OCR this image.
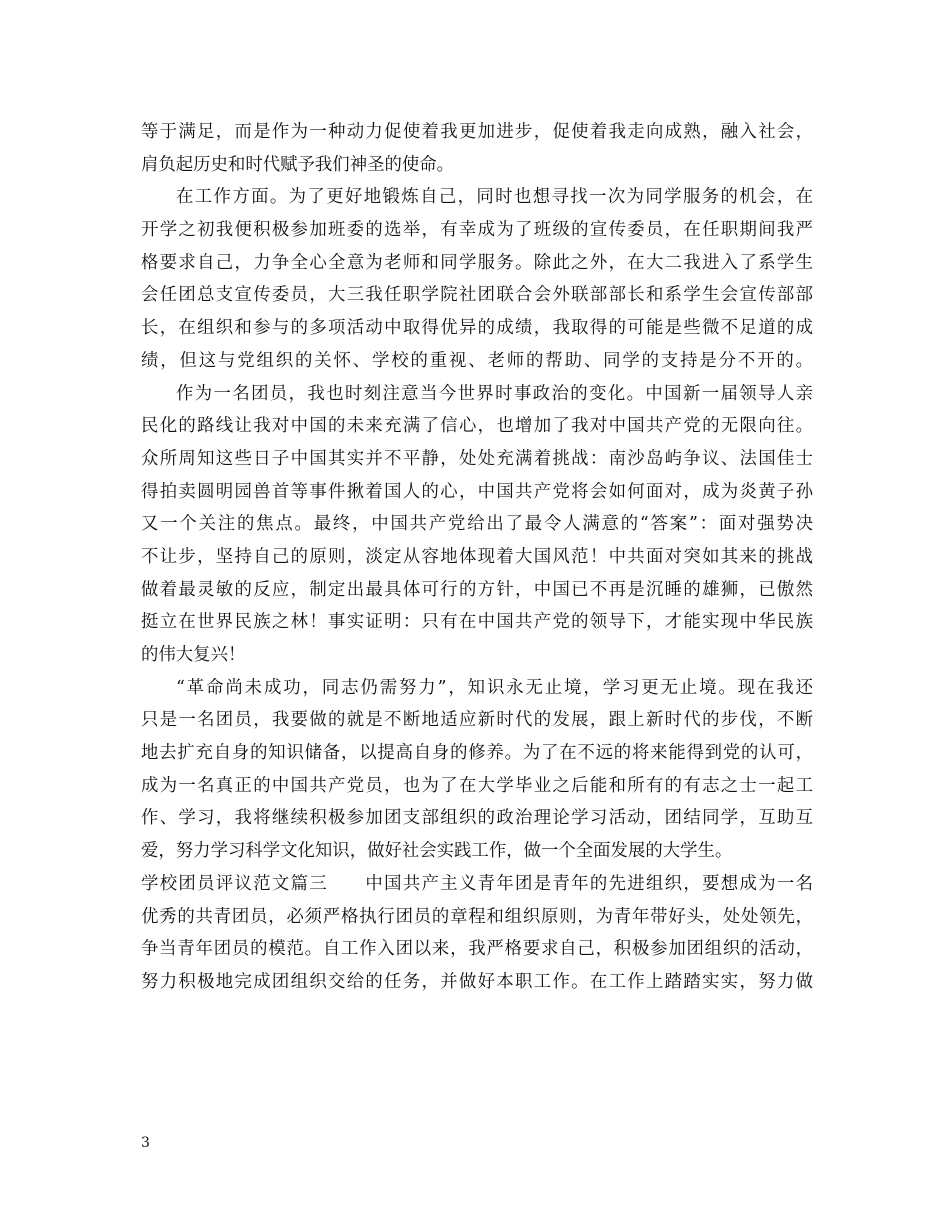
等于满足，而是作为一种动力促使着我更加进步，促使着我走向成熟，融入社会，
肩负起历史和时代赋予我们神圣的使命。
在工作方面。为了更好地锻炼自己，同时也想寻找一次为同学服务的机会，在
开学之初我便积极参加班委的选举，有幸成为了班级的宣传委员，在任职期间我严
格要求自己，力争全心全意为老师和同学服务。除此之外，在大二我进入了系学生
会任团总支宣传委员，大三我任职学院社团联合会外联部部长和系学生会宣传部部
长，在组织和参与的多项活动中取得优异的成绩，我取得的可能是些微不足道的成
绩，但这与党组织的关怀、学校的重视、老师的帮助、同学的支持是分不开的。
作为一名团员，我也时刻注意当今世界时事政治的变化。中国新一届领导人亲
民化的路线让我对中国的未来充满了信心，也增加了我对中国共产党的无限向往。
众所周知这些日子中国其实并不平静，处处充满着挑战：南沙岛屿争议、法国佳士
得拍卖圆明园兽首等事件揪着国人的心，中国共产党将会如何面对，成为炎黄子孙
又一个关注的焦点。最终，中国共产党给出了最令人满意的“答案”：面对强势决
不让步，坚持自己的原则，淡定从容地体现着大国风范！中共面对突如其来的挑战
做着最灵敏的反应，制定出最具体可行的方针，中国已不再是沉睡的雄狮，已傲然
挺立在世界民族之林！事实证明：只有在中国共产党的领导下，才能实现中华民族
的伟大复兴！
“革命尚未成功，同志仍需努力”，知识永无止境，学习更无止境。现在我还
只是一名团员，我要做的就是不断地适应新时代的发展，跟上新时代的步伐，不断
地去扩充自身的知识储备，以提高自身的修养。为了在不远的将来能得到党的认可，
成为一名真正的中国共产党员，也为了在大学毕业之后能和所有的有志之士一起工
作、学习，我将继续积极参加团支部组织的政治理论学习活动，团结同学，互助互
爱，努力学习科学文化知识，做好社会实践工作，做一个全面发展的大学生。
学校团员评议范文篇三　　中国共产主义青年团是青年的先进组织，要想成为一名
优秀的共青团员，必须严格执行团员的章程和组织原则，为青年带好头，处处领先，
争当青年团员的模范。自工作入团以来，我严格要求自己，积极参加团组织的活动，
努力积极地完成团组织交给的任务，并做好本职工作。在工作上踏踏实实，努力做
3
